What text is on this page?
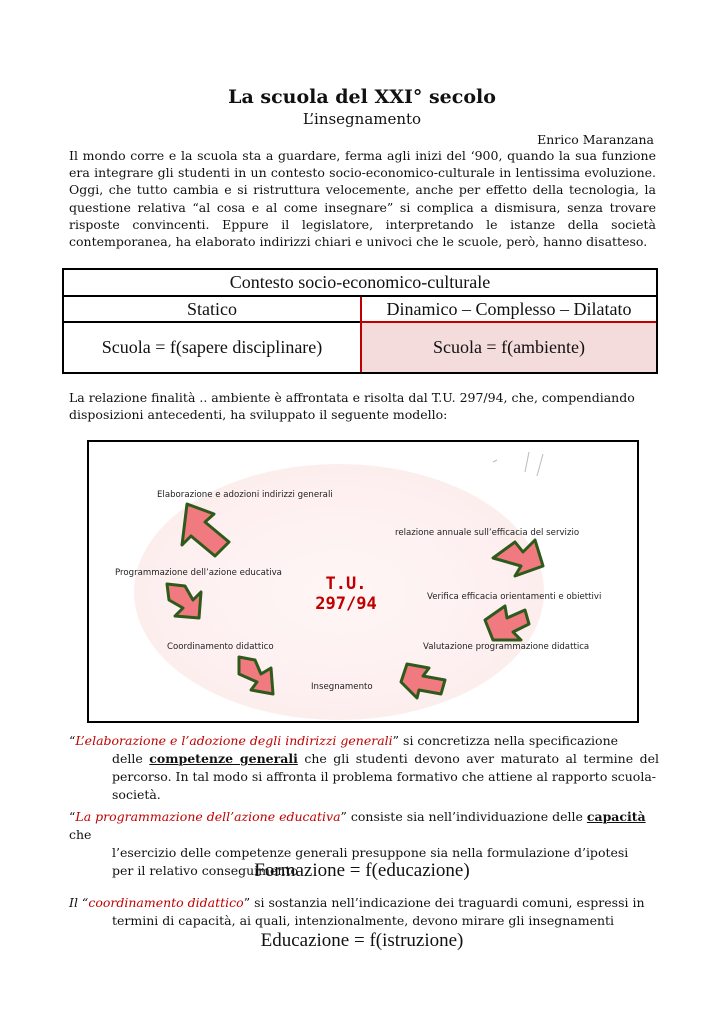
La scuola del XXI° secolo
L’insegnamento
Enrico Maranzana
Il mondo corre e la scuola sta a guardare, ferma agli inizi del ‘900, quando la sua funzione era integrare gli studenti in un contesto socio-economico-culturale in lentissima evoluzione. Oggi, che tutto cambia e si ristruttura velocemente, anche per effetto della tecnologia, la questione relativa “al cosa e al come insegnare” si complica a dismisura, senza trovare risposte convincenti. Eppure il legislatore, interpretando le istanze della società contemporanea, ha elaborato indirizzi chiari e univoci che le scuole, però, hanno disatteso.
Contesto socio-economico-culturale
Statico	Dinamico – Complesso – Dilatato
Scuola = f(sapere disciplinare)	Scuola = f(ambiente)
La relazione finalità .. ambiente è affrontata e risolta dal T.U. 297/94, che, compendiando disposizioni antecedenti, ha sviluppato il seguente modello:
Elaborazione e adozioni indirizzi generali
Programmazione dell’azione educativa
Coordinamento didattico
Insegnamento
Valutazione programmazione didattica
Verifica efficacia orientamenti e obiettivi
relazione annuale sull’efficacia del servizio
T.U.
297/94
“L’elaborazione e l’adozione degli indirizzi generali” si concretizza nella specificazione
delle competenze generali che gli studenti devono aver maturato al termine del
percorso. In tal modo si affronta il problema formativo che attiene al rapporto scuola-
società.
“La programmazione dell’azione educativa” consiste sia nell’individuazione delle capacità che
l’esercizio delle competenze generali presuppone sia nella formulazione d’ipotesi
per il relativo conseguimento
Formazione = f(educazione)
Il “coordinamento didattico” si sostanzia nell’indicazione dei traguardi comuni, espressi in
termini di capacità, ai quali, intenzionalmente, devono mirare gli insegnamenti
Educazione = f(istruzione)
